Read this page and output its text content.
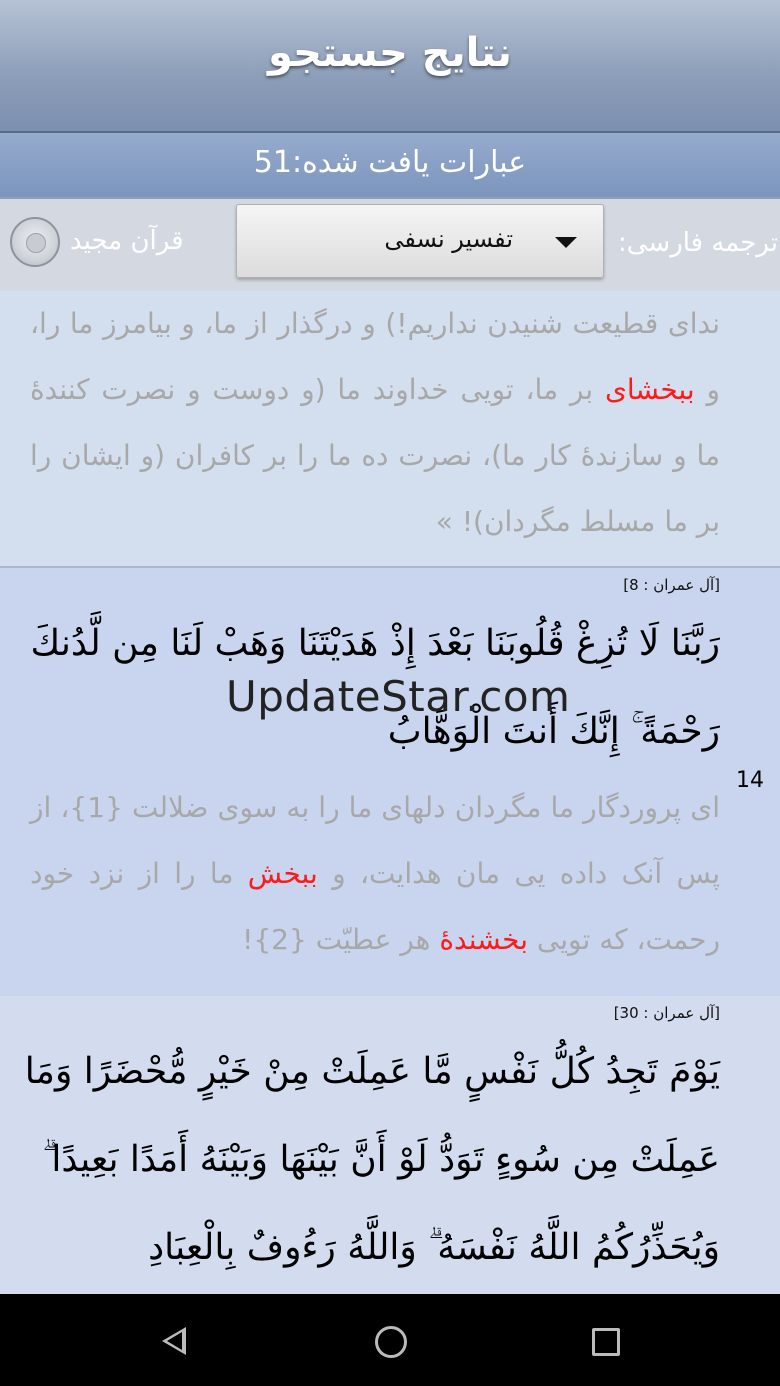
نتایج جستجو
عبارات یافت شده:51
قرآن مجید	تفسیر نسفی	ترجمه فارسی:
ندای قطیعت شنیدن نداریم!) و درگذار از ما، و بیامرز ما را، و ببخشای بر ما، تویی خداوند ما (و دوست و نصرت کنندۀ ما و سازندۀ کار ما)، نصرت ده ما را بر کافران (و ایشان را بر ما مسلط مگردان)! »
[آل عمران : 8]
رَبَّنَا لَا تُزِغْ قُلُوبَنَا بَعْدَ إِذْ هَدَيْتَنَا وَهَبْ لَنَا مِن لَّدُنكَ رَحْمَةً ۚ إِنَّكَ أَنتَ الْوَهَّابُ
14
ای پروردگار ما مگردان دلهای ما را به سوی ضلالت {1}، از پس آنک داده یی مان هدایت، و ببخش ما را از نزد خود رحمت، که تویی بخشندۀ هر عطیّت {2}!
[آل عمران : 30]
يَوْمَ تَجِدُ كُلُّ نَفْسٍ مَّا عَمِلَتْ مِنْ خَيْرٍ مُّحْضَرًا وَمَا عَمِلَتْ مِن سُوءٍ تَوَدُّ لَوْ أَنَّ بَيْنَهَا وَبَيْنَهُ أَمَدًا بَعِيدًا ۗ وَيُحَذِّرُكُمُ اللَّهُ نَفْسَهُ ۗ وَاللَّهُ رَءُوفٌ بِالْعِبَادِ
UpdateStar.com
